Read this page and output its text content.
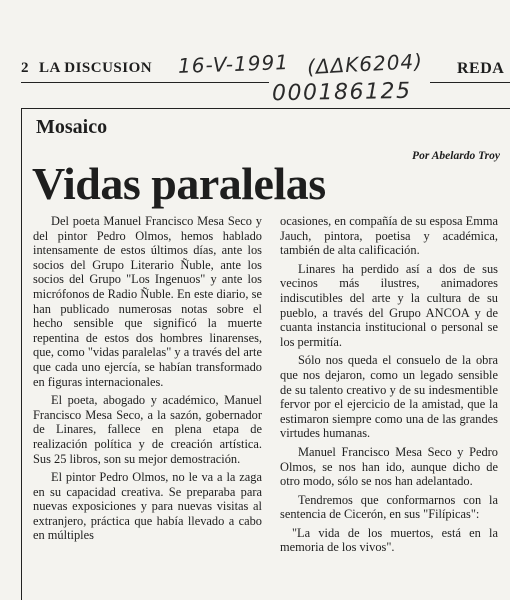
2 LA DISCUSION 16-V-1991 (ΔΔK6204)
000186125
REDA
Mosaico
Por Abelardo Troy
Vidas paralelas

Del poeta Manuel Francisco Mesa Seco y del pintor Pedro Olmos, hemos hablado intensamente de estos últimos días, ante los socios del Grupo Literario Ñuble, ante los socios del Grupo "Los Ingenuos" y ante los micrófonos de Radio Ñuble. En este diario, se han publicado numerosas notas sobre el hecho sensible que significó la muerte repentina de estos dos hombres linarenses, que, como "vidas paralelas" y a través del arte que cada uno ejercía, se habían transformado en figuras internacionales.

El poeta, abogado y académico, Manuel Francisco Mesa Seco, a la sazón, gobernador de Linares, fallece en plena etapa de realización política y de creación artística. Sus 25 libros, son su mejor demostración.

El pintor Pedro Olmos, no le va a la zaga en su capacidad creativa. Se preparaba para nuevas exposiciones y para nuevas visitas al extranjero, práctica que había llevado a cabo en múltiples

ocasiones, en compañía de su esposa Emma Jauch, pintora, poetisa y académica, también de alta calificación.

Linares ha perdido así a dos de sus vecinos más ilustres, animadores indiscutibles del arte y la cultura de su pueblo, a través del Grupo ANCOA y de cuanta instancia institucional o personal se los permitía.

Sólo nos queda el consuelo de la obra que nos dejaron, como un legado sensible de su talento creativo y de su indesmentible fervor por el ejercicio de la amistad, que la estimaron siempre como una de las grandes virtudes humanas.

Manuel Francisco Mesa Seco y Pedro Olmos, se nos han ido, aunque dicho de otro modo, sólo se nos han adelantado.

Tendremos que conformarnos con la sentencia de Cicerón, en sus "Filípicas":

"La vida de los muertos, está en la memoria de los vivos".
